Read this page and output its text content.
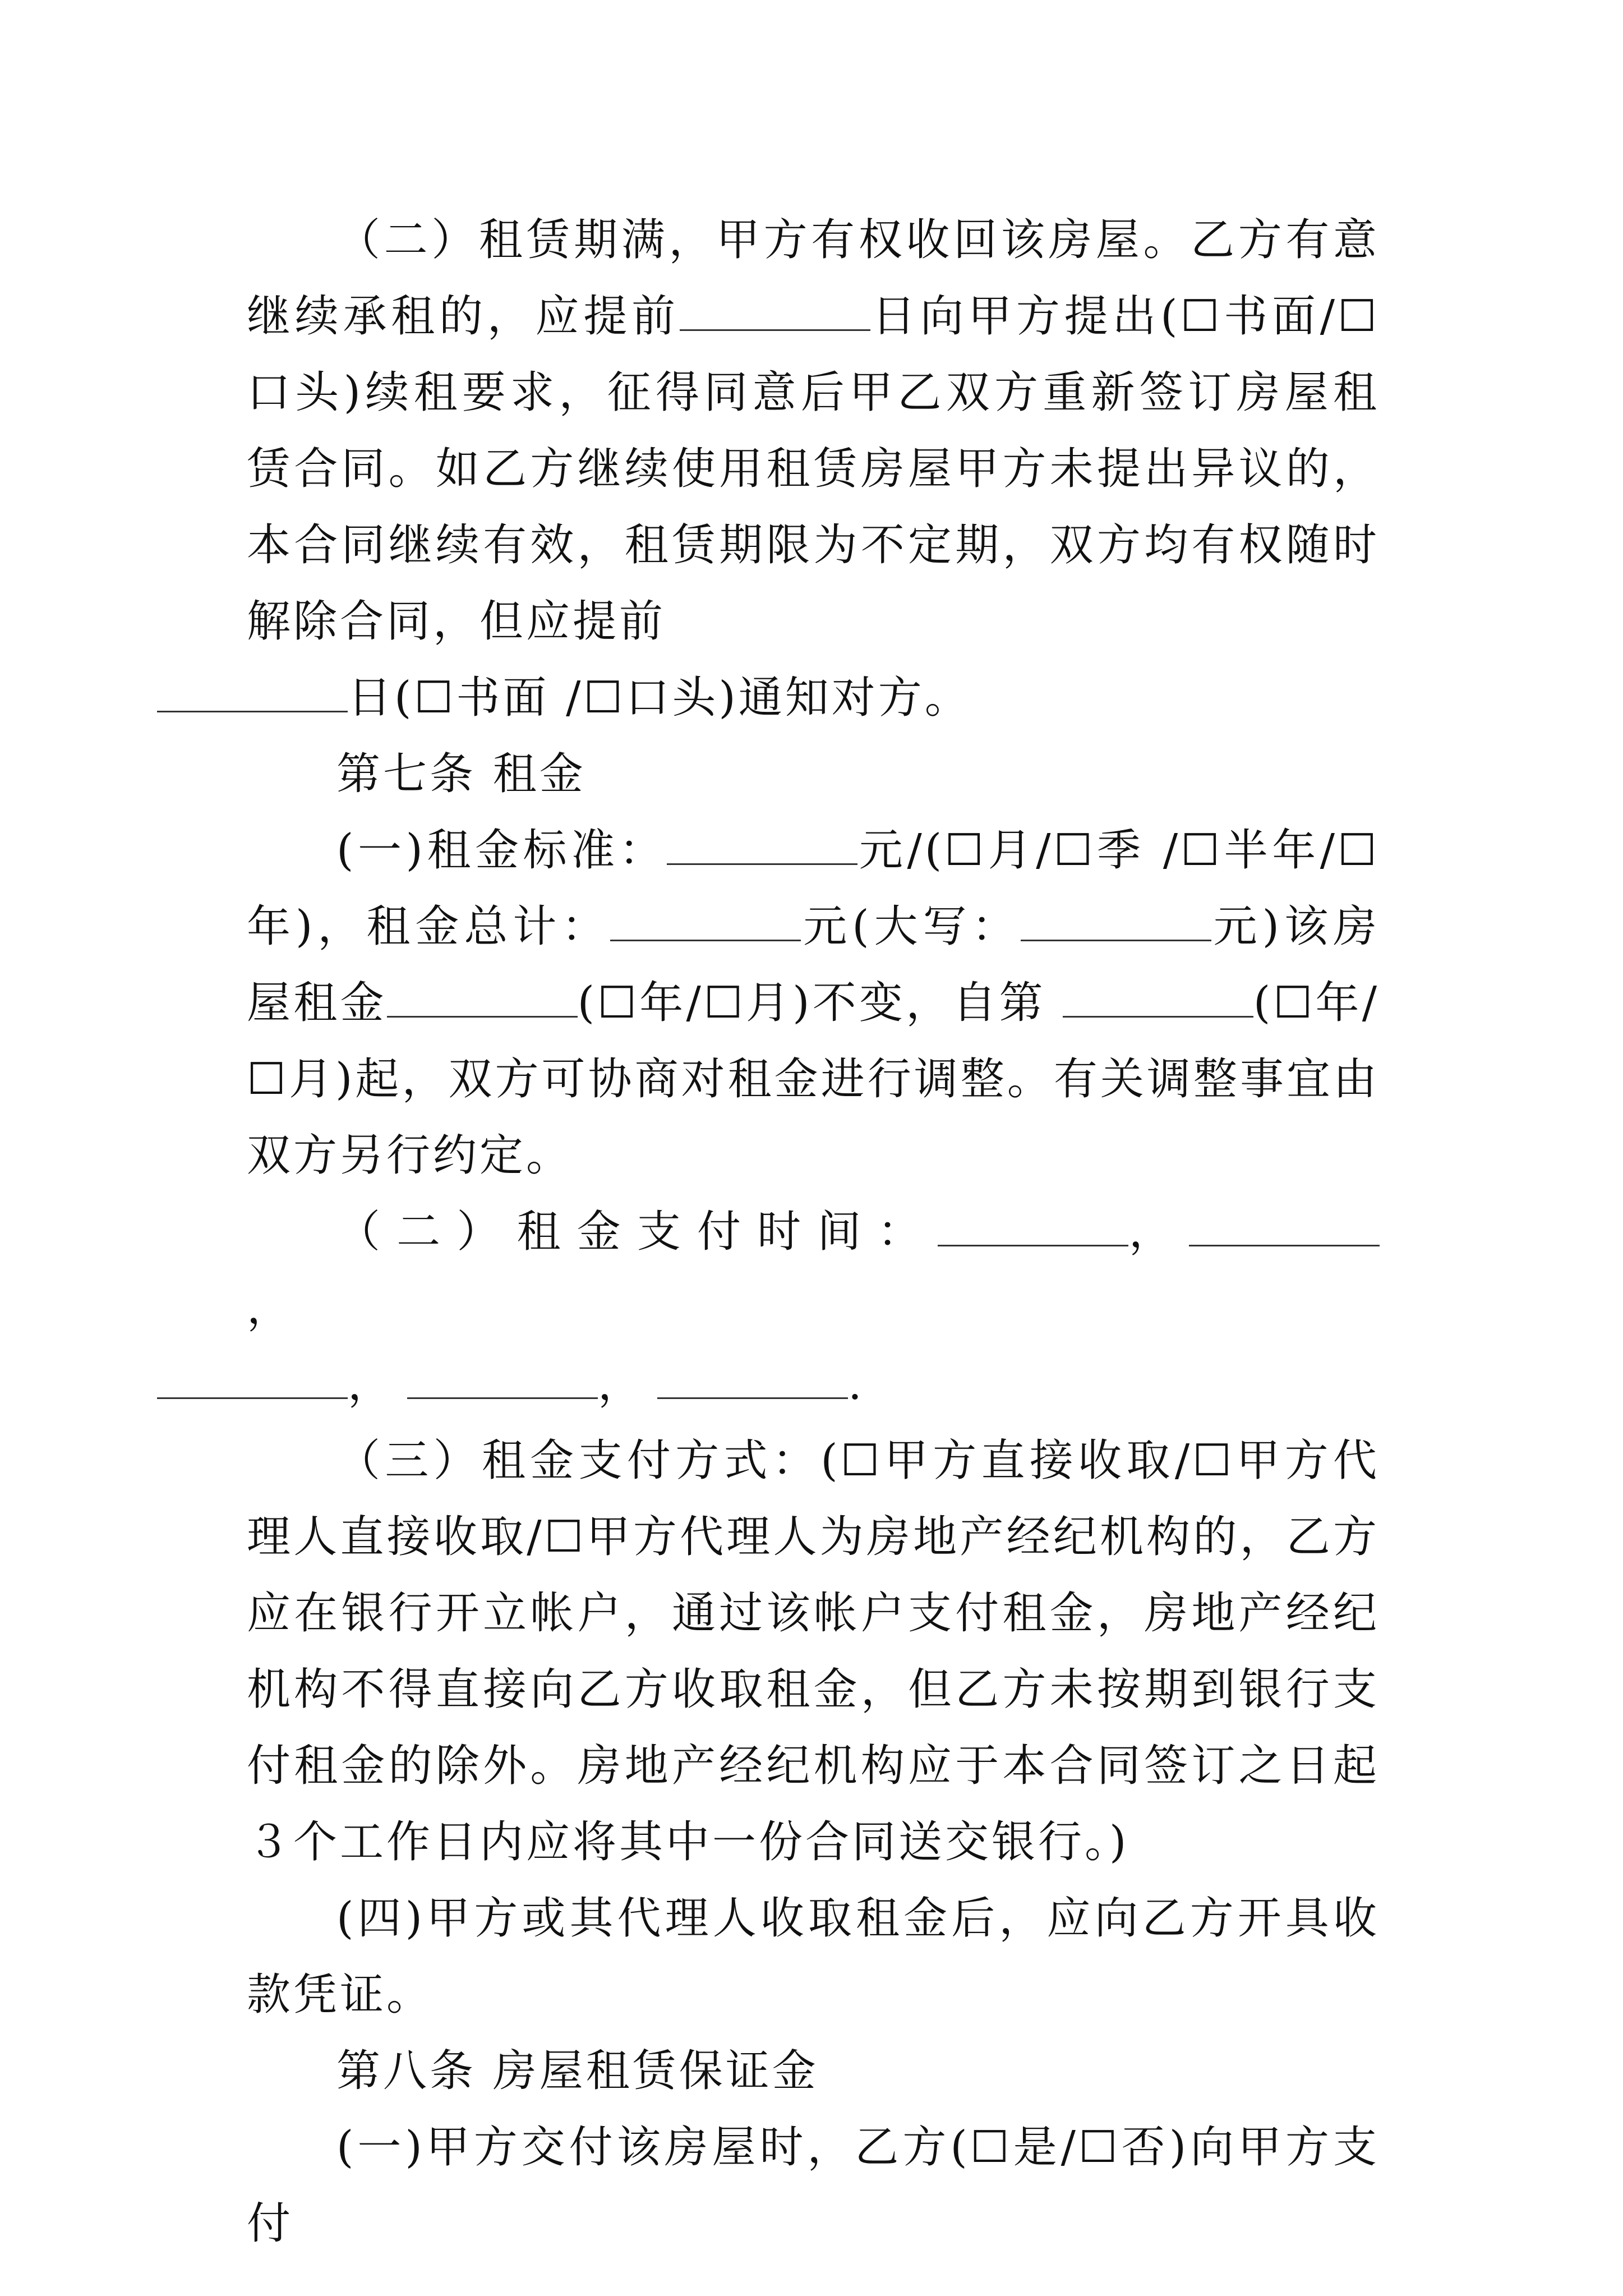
（二）租赁期满，甲方有权收回该房屋。乙方有意继续承租的，应提前	日向甲方提出(☐书面/☐口头)续租要求，征得同意后甲乙双方重新签订房屋租赁合同。如乙方继续使用租赁房屋甲方未提出异议的，本合同继续有效，租赁期限为不定期，双方均有权随时解除合同，但应提前
日(☐书面 /☐口头)通知对方。

第七条 租金

(一)租金标准：	元/(☐月/☐季 /☐半年/☐年)，租金总计：	元(大写：	元)该房屋租金	(☐年/☐月)不变，自第	(☐年/☐月)起，双方可协商对租金进行调整。有关调整事宜由双方另行约定。

（二）租金支付时间：	，，
，	，	.

（三）租金支付方式：(☐甲方直接收取/☐甲方代理人直接收取/☐甲方代理人为房地产经纪机构的，乙方应在银行开立帐户，通过该帐户支付租金，房地产经纪机构不得直接向乙方收取租金，但乙方未按期到银行支付租金的除外。房地产经纪机构应于本合同签订之日起３个工作日内应将其中一份合同送交银行。)

(四)甲方或其代理人收取租金后，应向乙方开具收款凭证。

第八条 房屋租赁保证金

(一)甲方交付该房屋时，乙方(☐是/☐否)向甲方支付
